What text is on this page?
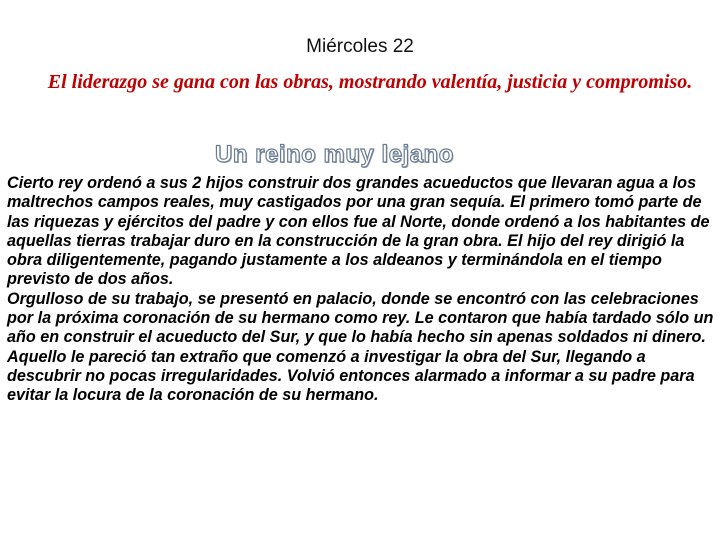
Miércoles 22
El liderazgo se gana con las obras, mostrando valentía, justicia y compromiso.
Un reino muy lejano

Cierto rey ordenó a sus 2 hijos construir dos grandes acueductos que llevaran agua a los maltrechos campos reales, muy castigados por una gran sequía. El primero tomó parte de las riquezas y ejércitos del padre y con ellos fue al Norte, donde ordenó a los habitantes de aquellas tierras trabajar duro en la construcción de la gran obra. El hijo del rey dirigió la obra diligentemente, pagando justamente a los aldeanos y terminándola en el tiempo previsto de dos años.

Orgulloso de su trabajo, se presentó en palacio, donde se encontró con las celebraciones por la próxima coronación de su hermano como rey. Le contaron que había tardado sólo un año en construir el acueducto del Sur, y que lo había hecho sin apenas soldados ni dinero.

Aquello le pareció tan extraño que comenzó a investigar la obra del Sur, llegando a descubrir no pocas irregularidades. Volvió entonces alarmado a informar a su padre para evitar la locura de la coronación de su hermano.
